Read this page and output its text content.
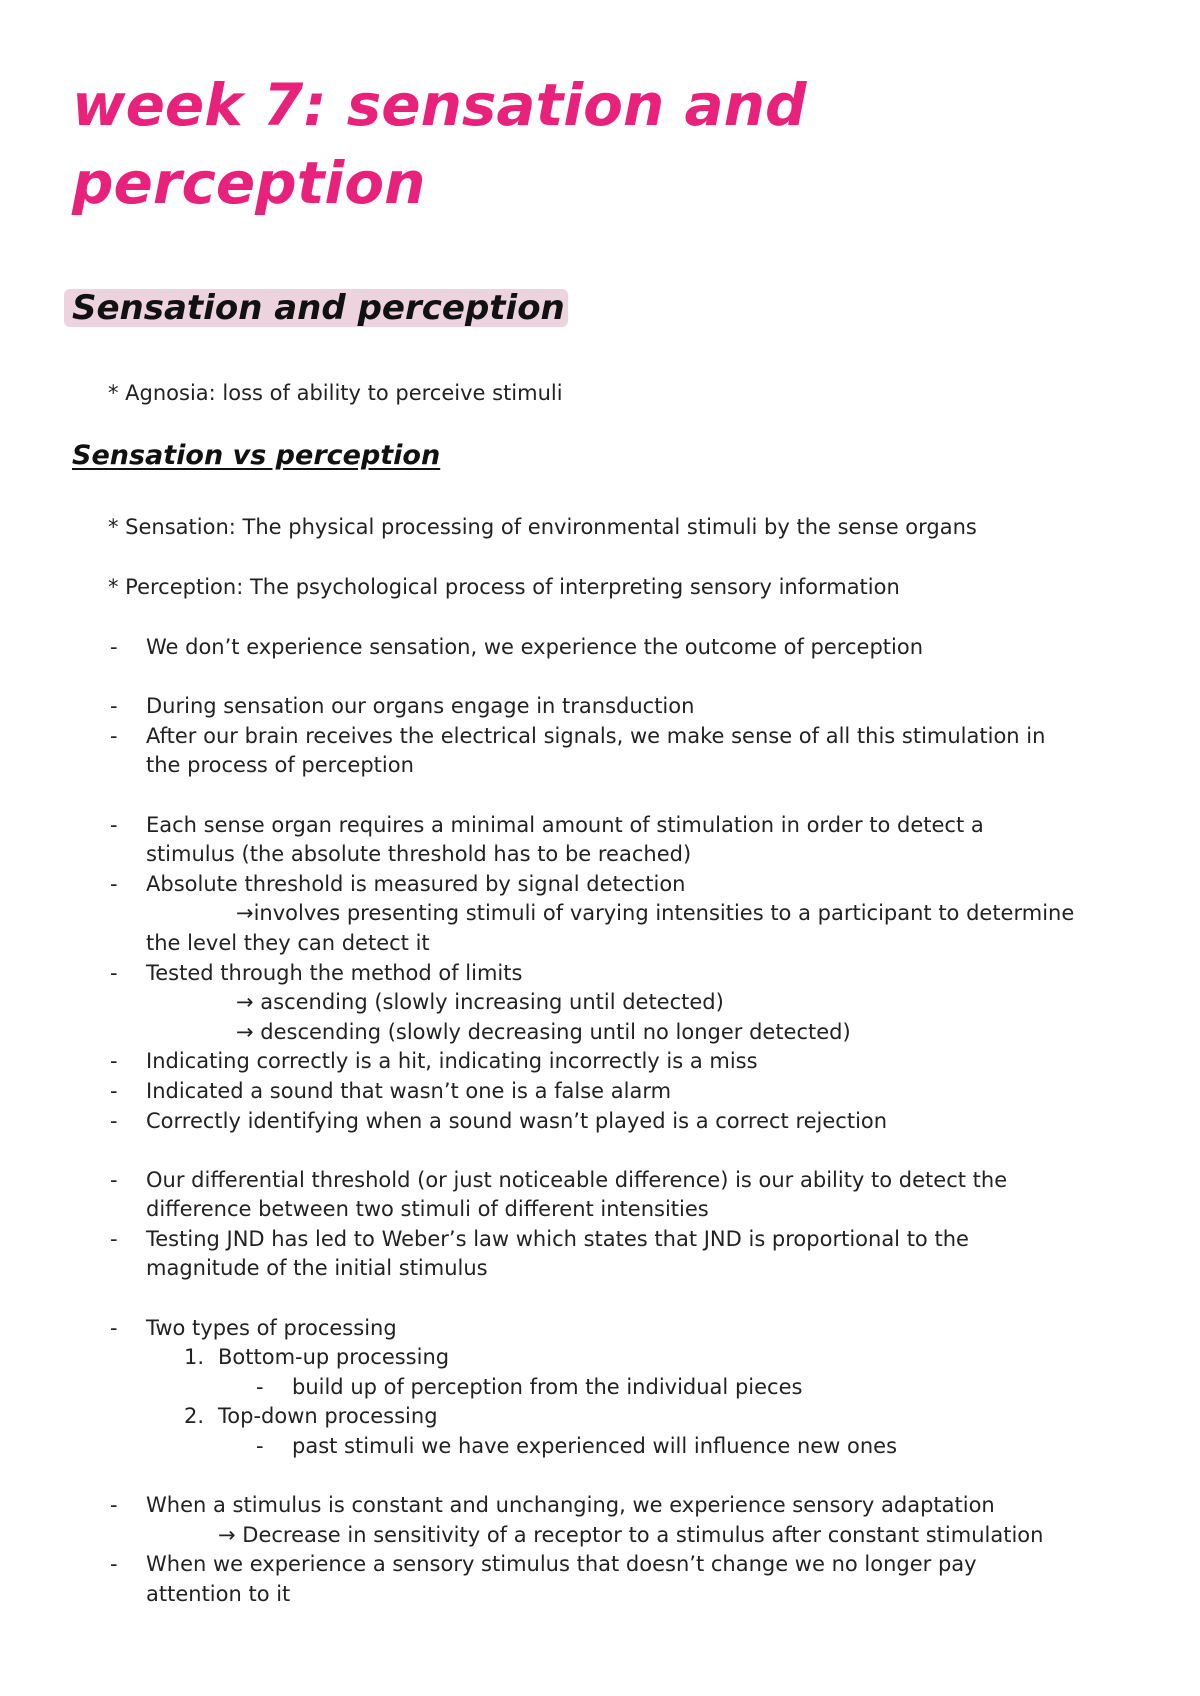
week 7: sensation and perception
Sensation and perception

* Agnosia: loss of ability to perceive stimuli

Sensation vs perception

* Sensation: The physical processing of environmental stimuli by the sense organs

* Perception: The psychological process of interpreting sensory information

- We don’t experience sensation, we experience the outcome of perception

- During sensation our organs engage in transduction

- After our brain receives the electrical signals, we make sense of all this stimulation in

the process of perception

- Each sense organ requires a minimal amount of stimulation in order to detect a

stimulus (the absolute threshold has to be reached)

- Absolute threshold is measured by signal detection

→involves presenting stimuli of varying intensities to a participant to determine

the level they can detect it

- Tested through the method of limits

→ ascending (slowly increasing until detected)

→ descending (slowly decreasing until no longer detected)

- Indicating correctly is a hit, indicating incorrectly is a miss

- Indicated a sound that wasn’t one is a false alarm

- Correctly identifying when a sound wasn’t played is a correct rejection

- Our differential threshold (or just noticeable difference) is our ability to detect the

difference between two stimuli of different intensities

- Testing JND has led to Weber’s law which states that JND is proportional to the

magnitude of the initial stimulus

- Two types of processing

1. Bottom-up processing

- build up of perception from the individual pieces

2. Top-down processing

- past stimuli we have experienced will influence new ones

- When a stimulus is constant and unchanging, we experience sensory adaptation

→ Decrease in sensitivity of a receptor to a stimulus after constant stimulation

- When we experience a sensory stimulus that doesn’t change we no longer pay

attention to it
